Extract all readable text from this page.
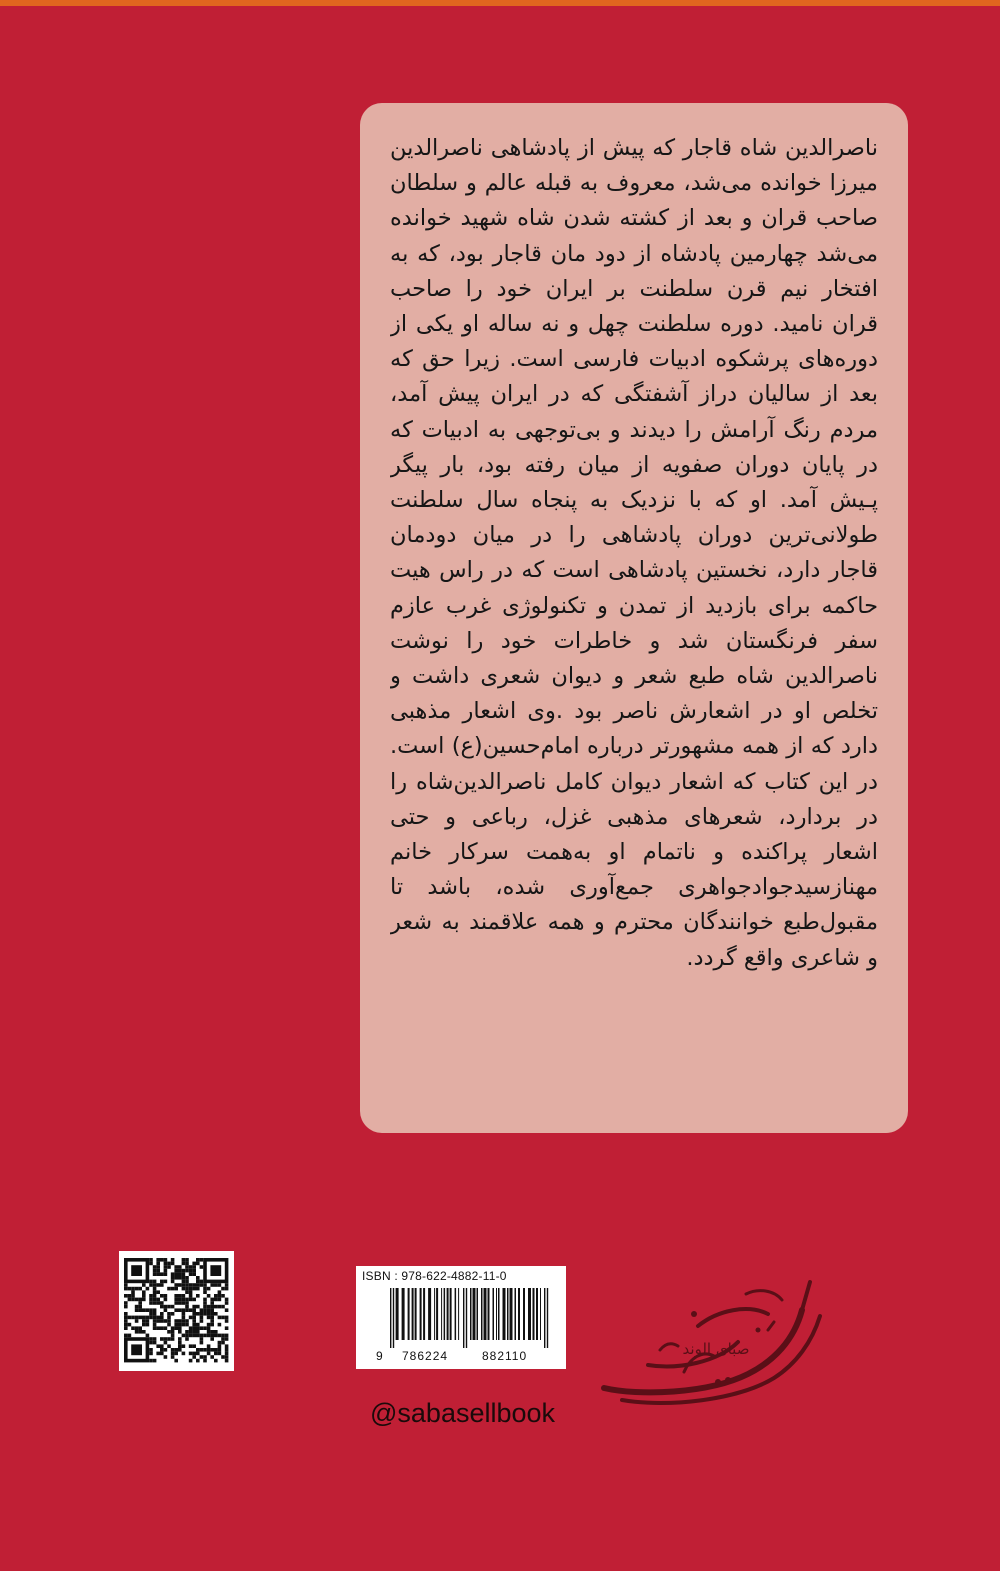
ناصرالدین شاه قاجار که پیش از پادشاهی ناصرالدین میرزا خوانده می‌شد، معروف به قبله عالم و سلطان صاحب قران و بعد از کشته شدن شاه شهید خوانده می‌شد چهارمین پادشاه از دود مان قاجار بود، که به افتخار نیم قرن سلطنت بر ایران خود را صاحب قران نامید. دوره سلطنت چهل و نه ساله او یکی از دوره‌های پرشکوه ادبیات فارسی است. زیرا حق که بعد از سالیان دراز آشفتگی که در ایران پیش آمد، مردم رنگ آرامش را دیدند و بی‌توجهی به ادبیات که در پایان دوران صفویه از میان رفته بود، بار پیگر پـیش آمد. او که با نزدیک به پنجاه سال سلطنت طولانی‌ترین دوران پادشاهی را در میان دودمان قاجار دارد، نخستین پادشاهی است که در راس هیت حاکمه برای بازدید از تمدن و تکنولوژی غرب عازم سفر فرنگستان شد و خاطرات خود را نوشت ناصرالدین شاه طبع شعر و دیوان شعری داشت و تخلص او در اشعارش ناصر بود .وی اشعار مذهبی دارد که از همه مشهورتر درباره امام‌حسین(ع) است. در این کتاب که اشعار دیوان کامل ناصرالدین‌شاه را در بردارد، شعرهای مذهبی غزل، رباعی و حتی اشعار پراکنده و ناتمام او به‌همت سرکار خانم مهنازسیدجوادجواهری جمع‌آوری شده، باشد تا مقبول‌طبع خوانندگان محترم و همه علاقمند به شعر و شاعری واقع گردد.

ISBN : 978-622-4882-11-0
9 786224	882110
@sabasellbook
صبای الوند
